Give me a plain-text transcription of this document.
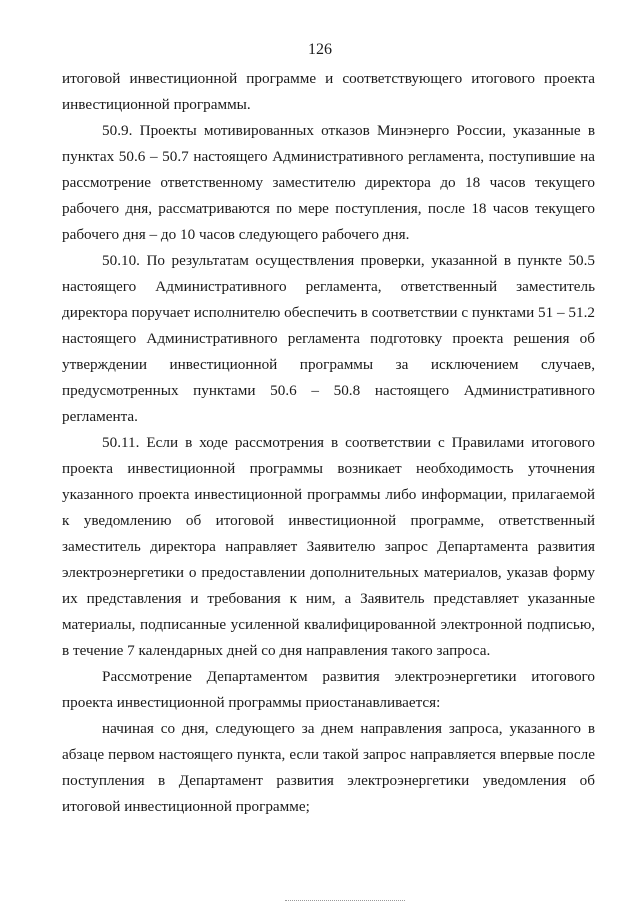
126

итоговой инвестиционной программе и соответствующего итогового проекта инвестиционной программы.

50.9. Проекты мотивированных отказов Минэнерго России, указанные в пунктах 50.6 – 50.7 настоящего Административного регламента, поступившие на рассмотрение ответственному заместителю директора до 18 часов текущего рабочего дня, рассматриваются по мере поступления, после 18 часов текущего рабочего дня – до 10 часов следующего рабочего дня.

50.10. По результатам осуществления проверки, указанной в пункте 50.5 настоящего Административного регламента, ответственный заместитель директора поручает исполнителю обеспечить в соответствии с пунктами 51 – 51.2 настоящего Административного регламента подготовку проекта решения об утверждении инвестиционной программы за исключением случаев, предусмотренных пунктами 50.6 – 50.8 настоящего Административного регламента.

50.11. Если в ходе рассмотрения в соответствии с Правилами итогового проекта инвестиционной программы возникает необходимость уточнения указанного проекта инвестиционной программы либо информации, прилагаемой к уведомлению об итоговой инвестиционной программе, ответственный заместитель директора направляет Заявителю запрос Департамента развития электроэнергетики о предоставлении дополнительных материалов, указав форму их представления и требования к ним, а Заявитель представляет указанные материалы, подписанные усиленной квалифицированной электронной подписью, в течение 7 календарных дней со дня направления такого запроса.

Рассмотрение Департаментом развития электроэнергетики итогового проекта инвестиционной программы приостанавливается:

начиная со дня, следующего за днем направления запроса, указанного в абзаце первом настоящего пункта, если такой запрос направляется впервые после поступления в Департамент развития электроэнергетики уведомления об итоговой инвестиционной программе;
